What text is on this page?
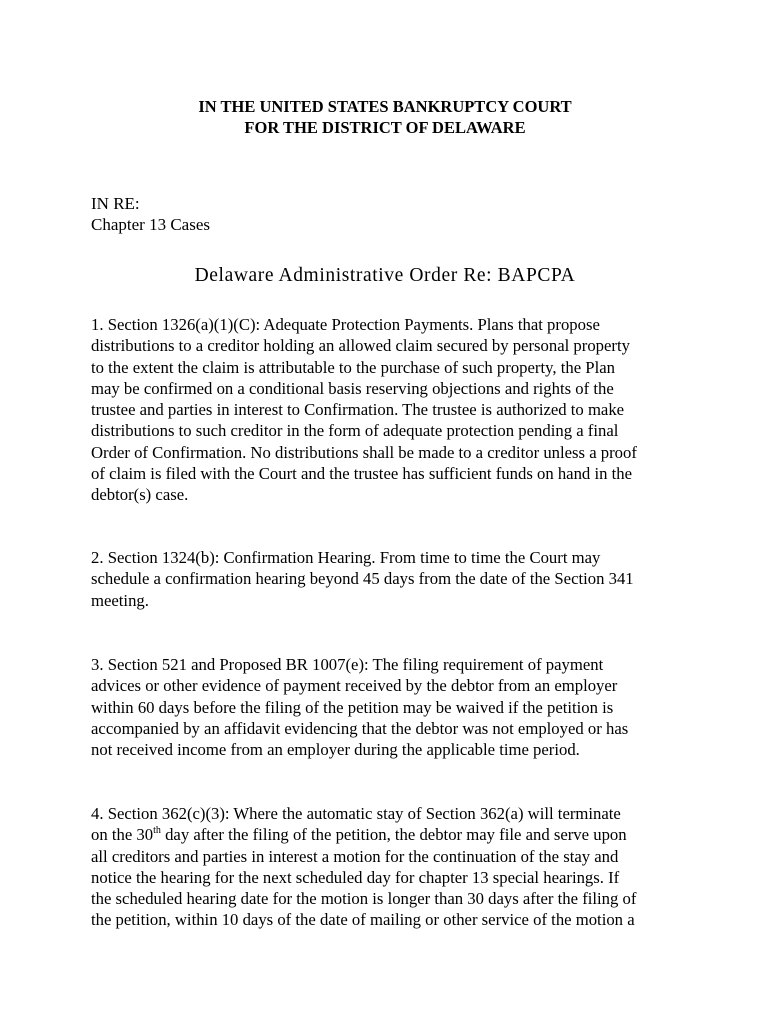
IN THE UNITED STATES BANKRUPTCY COURT
FOR THE DISTRICT OF DELAWARE
IN RE:
Chapter 13 Cases
Delaware Administrative Order Re: BAPCPA
1. Section 1326(a)(1)(C): Adequate Protection Payments. Plans that propose
distributions to a creditor holding an allowed claim secured by personal property
to the extent the claim is attributable to the purchase of such property, the Plan
may be confirmed on a conditional basis reserving objections and rights of the
trustee and parties in interest to Confirmation. The trustee is authorized to make
distributions to such creditor in the form of adequate protection pending a final
Order of Confirmation. No distributions shall be made to a creditor unless a proof
of claim is filed with the Court and the trustee has sufficient funds on hand in the
debtor(s) case.
2. Section 1324(b): Confirmation Hearing. From time to time the Court may
schedule a confirmation hearing beyond 45 days from the date of the Section 341
meeting.
3. Section 521 and Proposed BR 1007(e): The filing requirement of payment
advices or other evidence of payment received by the debtor from an employer
within 60 days before the filing of the petition may be waived if the petition is
accompanied by an affidavit evidencing that the debtor was not employed or has
not received income from an employer during the applicable time period.
4. Section 362(c)(3): Where the automatic stay of Section 362(a) will terminate
on the 30th day after the filing of the petition, the debtor may file and serve upon
all creditors and parties in interest a motion for the continuation of the stay and
notice the hearing for the next scheduled day for chapter 13 special hearings. If
the scheduled hearing date for the motion is longer than 30 days after the filing of
the petition, within 10 days of the date of mailing or other service of the motion a
